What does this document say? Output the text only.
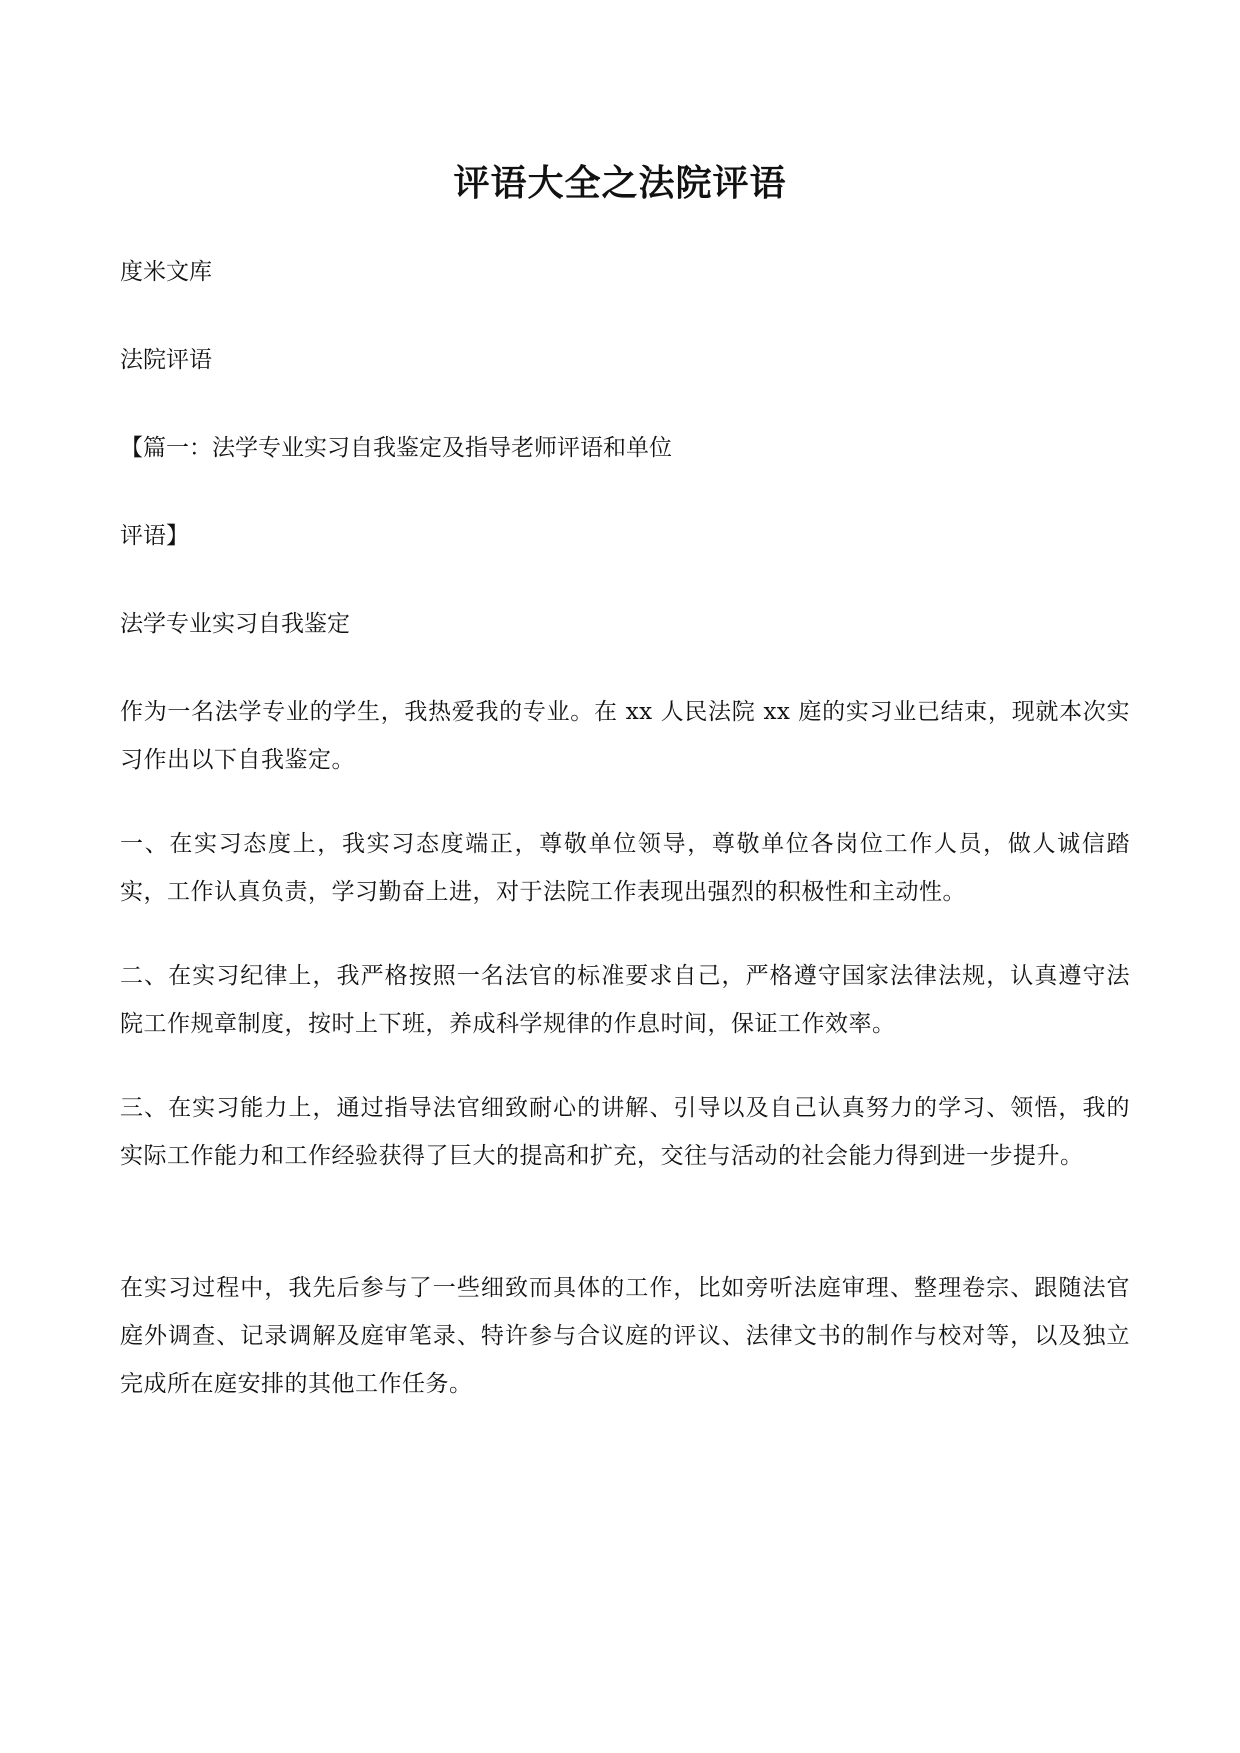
评语大全之法院评语
度米文库
法院评语
【篇一：法学专业实习自我鉴定及指导老师评语和单位
评语】
法学专业实习自我鉴定
作为一名法学专业的学生，我热爱我的专业。在 xx 人民法院 xx 庭的实习业已结束，现就本次实习作出以下自我鉴定。
一、在实习态度上，我实习态度端正，尊敬单位领导，尊敬单位各岗位工作人员，做人诚信踏实，工作认真负责，学习勤奋上进，对于法院工作表现出强烈的积极性和主动性。
二、在实习纪律上，我严格按照一名法官的标准要求自己，严格遵守国家法律法规，认真遵守法院工作规章制度，按时上下班，养成科学规律的作息时间，保证工作效率。
三、在实习能力上，通过指导法官细致耐心的讲解、引导以及自己认真努力的学习、领悟，我的实际工作能力和工作经验获得了巨大的提高和扩充，交往与活动的社会能力得到进一步提升。
在实习过程中，我先后参与了一些细致而具体的工作，比如旁听法庭审理、整理卷宗、跟随法官庭外调查、记录调解及庭审笔录、特许参与合议庭的评议、法律文书的制作与校对等，以及独立完成所在庭安排的其他工作任务。
